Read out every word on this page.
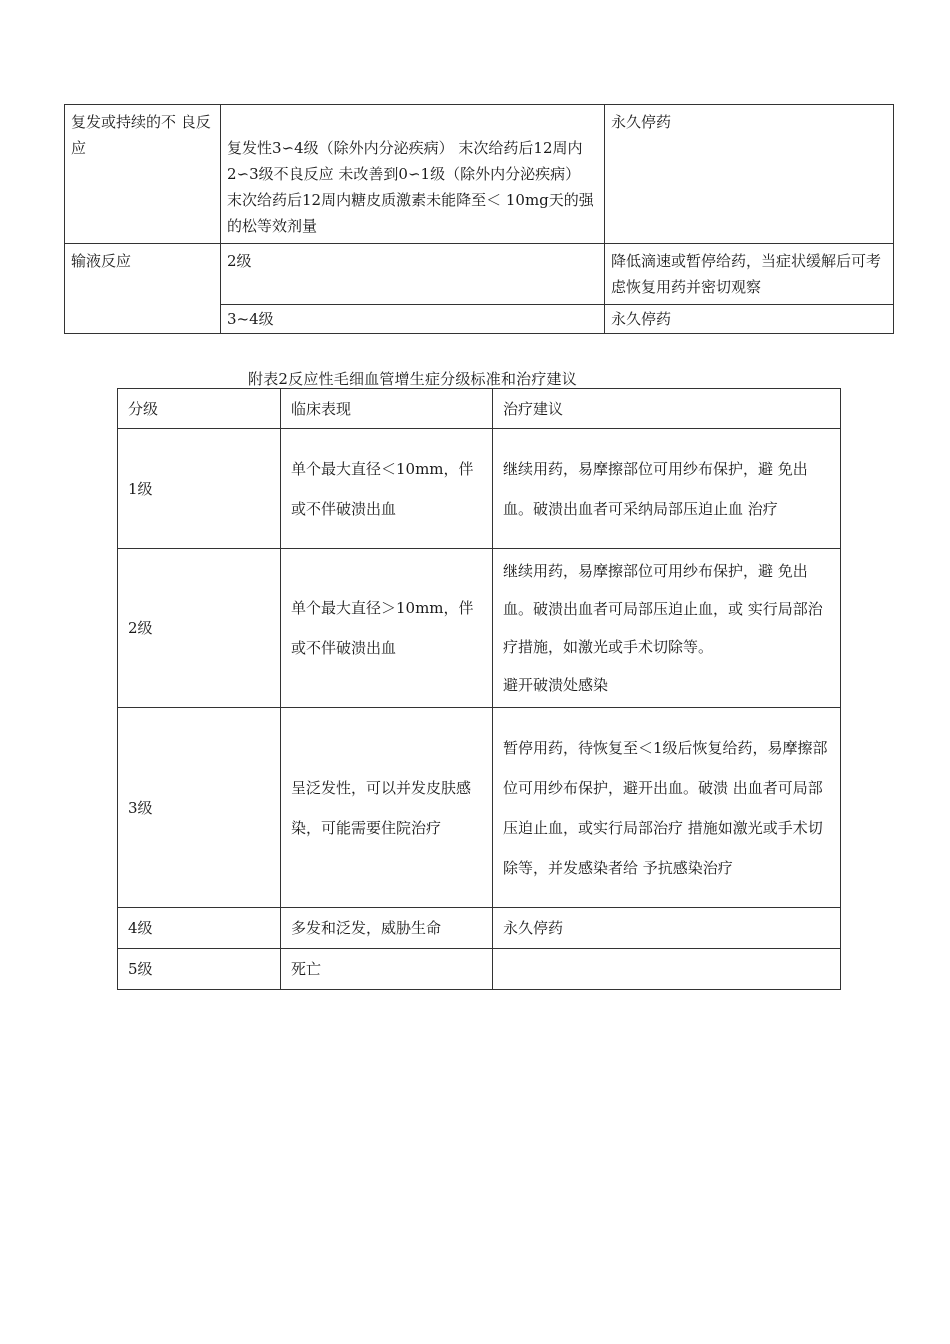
复发或持续的不 良反应	复发性3∽4级（除外内分泌疾病） 末次给药后12周内2∽3级不良反应 未改善到0∽1级（除外内分泌疾病） 末次给药后12周内糖皮质激素未能降至＜ 10mg天的强的松等效剂量	永久停药
输液反应	2级	降低滴速或暂停给药，当症状缓解后可考虑恢复用药并密切观察
	3~4级	永久停药
附表2反应性毛细血管增生症分级标准和治疗建议
分级	临床表现	治疗建议
1级	单个最大直径＜10mm，伴或不伴破溃出血	继续用药，易摩擦部位可用纱布保护，避 免出血。破溃出血者可采纳局部压迫止血 治疗
2级	单个最大直径＞10mm，伴或不伴破溃出血	继续用药，易摩擦部位可用纱布保护，避 免出血。破溃出血者可局部压迫止血，或 实行局部治疗措施，如激光或手术切除等。
避开破溃处感染

3级	呈泛发性，可以并发皮肤感染，可能需要住院治疗	暂停用药，待恢复至＜1级后恢复给药，易摩擦部位可用纱布保护，避开出血。破溃 出血者可局部压迫止血，或实行局部治疗 措施如激光或手术切除等，并发感染者给 予抗感染治疗
4级	多发和泛发，威胁生命	永久停药
5级	死亡	
